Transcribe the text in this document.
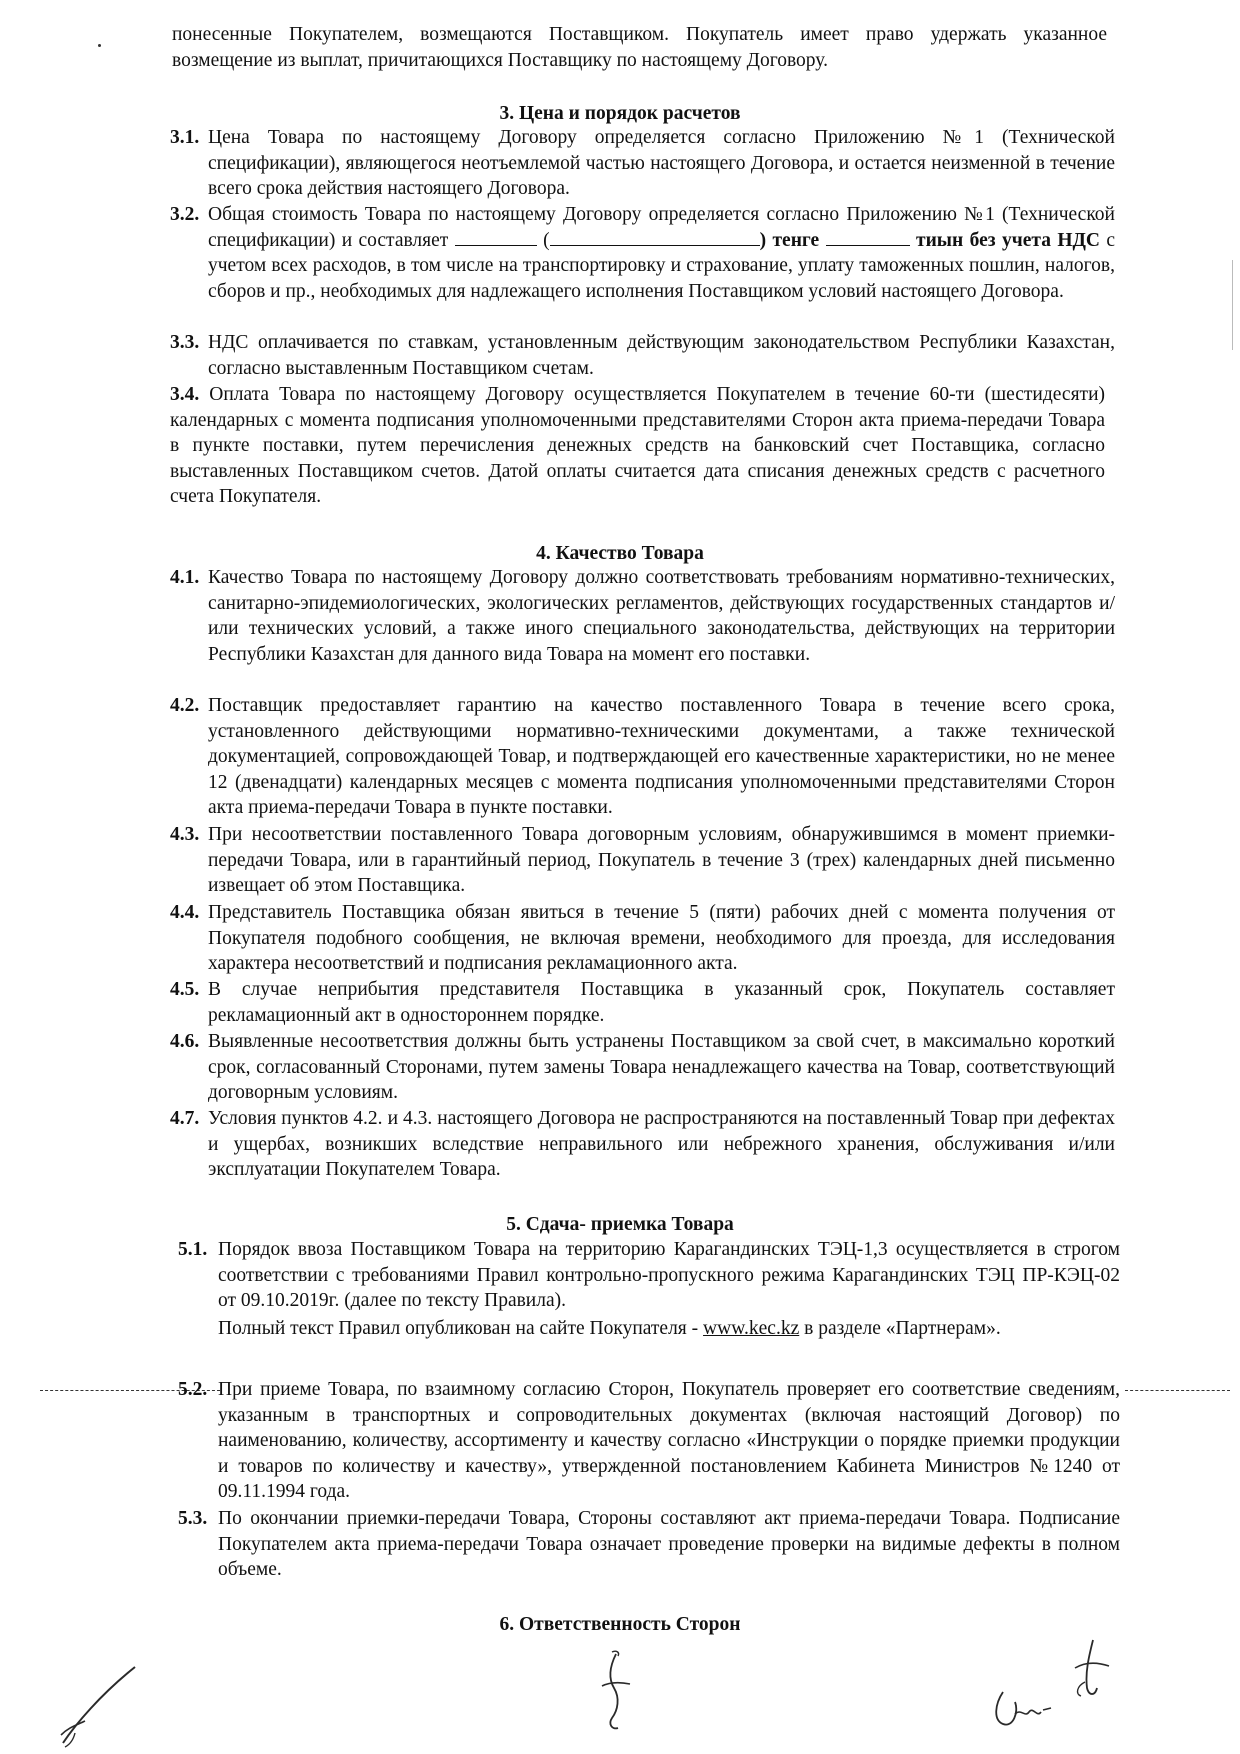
понесенные Покупателем, возмещаются Поставщиком. Покупатель имеет право удержать указанное возмещение из выплат, причитающихся Поставщику по настоящему Договору.
3. Цена и порядок расчетов
3.1. Цена Товара по настоящему Договору определяется согласно Приложению №1 (Технической спецификации), являющегося неотъемлемой частью настоящего Договора, и остается неизменной в течение всего срока действия настоящего Договора.
3.2. Общая стоимость Товара по настоящему Договору определяется согласно Приложению №1 (Технической спецификации) и составляет	(	) тенге	тиын без учета НДС с учетом всех расходов, в том числе на транспортировку и страхование, уплату таможенных пошлин, налогов, сборов и пр., необходимых для надлежащего исполнения Поставщиком условий настоящего Договора.
3.3. НДС оплачивается по ставкам, установленным действующим законодательством Республики Казахстан, согласно выставленным Поставщиком счетам.
3.4. Оплата Товара по настоящему Договору осуществляется Покупателем в течение 60-ти (шестидесяти) календарных с момента подписания уполномоченными представителями Сторон акта приема-передачи Товара в пункте поставки, путем перечисления денежных средств на банковский счет Поставщика, согласно выставленных Поставщиком счетов. Датой оплаты считается дата списания денежных средств с расчетного счета Покупателя.
4. Качество Товара
4.1. Качество Товара по настоящему Договору должно соответствовать требованиям нормативно-технических, санитарно-эпидемиологических, экологических регламентов, действующих государственных стандартов и/или технических условий, а также иного специального законодательства, действующих на территории Республики Казахстан для данного вида Товара на момент его поставки.
4.2. Поставщик предоставляет гарантию на качество поставленного Товара в течение всего срока, установленного действующими нормативно-техническими документами, а также технической документацией, сопровождающей Товар, и подтверждающей его качественные характеристики, но не менее 12 (двенадцати) календарных месяцев с момента подписания уполномоченными представителями Сторон акта приема-передачи Товара в пункте поставки.
4.3. При несоответствии поставленного Товара договорным условиям, обнаружившимся в момент приемки-передачи Товара, или в гарантийный период, Покупатель в течение 3 (трех) календарных дней письменно извещает об этом Поставщика.
4.4. Представитель Поставщика обязан явиться в течение 5 (пяти) рабочих дней с момента получения от Покупателя подобного сообщения, не включая времени, необходимого для проезда, для исследования характера несоответствий и подписания рекламационного акта.
4.5. В случае неприбытия представителя Поставщика в указанный срок, Покупатель составляет рекламационный акт в одностороннем порядке.
4.6. Выявленные несоответствия должны быть устранены Поставщиком за свой счет, в максимально короткий срок, согласованный Сторонами, путем замены Товара ненадлежащего качества на Товар, соответствующий договорным условиям.
4.7. Условия пунктов 4.2. и 4.3. настоящего Договора не распространяются на поставленный Товар при дефектах и ущербах, возникших вследствие неправильного или небрежного хранения, обслуживания и/или эксплуатации Покупателем Товара.
5. Сдача- приемка Товара
5.1. Порядок ввоза Поставщиком Товара на территорию Карагандинских ТЭЦ-1,3 осуществляется в строгом соответствии с требованиями Правил контрольно-пропускного режима Карагандинских ТЭЦ ПР-КЭЦ-02 от 09.10.2019г. (далее по тексту Правила).
Полный текст Правил опубликован на сайте Покупателя - www.kec.kz в разделе «Партнерам».
5.2. При приеме Товара, по взаимному согласию Сторон, Покупатель проверяет его соответствие сведениям, указанным в транспортных и сопроводительных документах (включая настоящий Договор) по наименованию, количеству, ассортименту и качеству согласно «Инструкции о порядке приемки продукции и товаров по количеству и качеству», утвержденной постановлением Кабинета Министров №1240 от 09.11.1994 года.
5.3. По окончании приемки-передачи Товара, Стороны составляют акт приема-передачи Товара. Подписание Покупателем акта приема-передачи Товара означает проведение проверки на видимые дефекты в полном объеме.
6. Ответственность Сторон
